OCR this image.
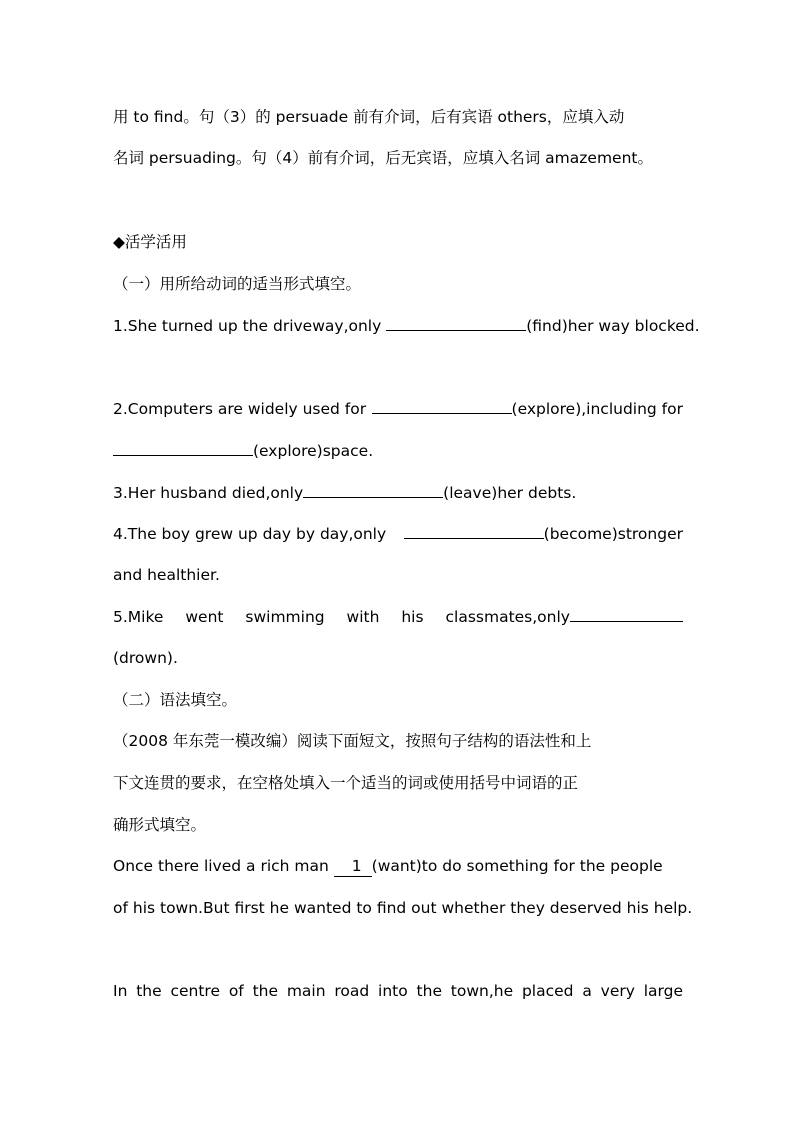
用 to find。句（3）的 persuade 前有介词，后有宾语 others，应填入动
名词 persuading。句（4）前有介词，后无宾语，应填入名词 amazement。
◆活学活用
（一）用所给动词的适当形式填空。
1.She turned up the driveway,only	(find)her way blocked.
2.Computers are widely used for	(explore),including for
(explore)space.
3.Her husband died,only	(leave)her debts.
4.The boy grew up day by day,only	(become)stronger
and healthier.
5.Mike went swimming with his classmates,only
(drown).
（二）语法填空。
（2008 年东莞一模改编）阅读下面短文，按照句子结构的语法性和上
下文连贯的要求，在空格处填入一个适当的词或使用括号中词语的正
确形式填空。
Once there lived a rich man 1 (want)to do something for the people
of his town.But first he wanted to find out whether they deserved his help.
In the centre of the main road into the town,he placed a very large
